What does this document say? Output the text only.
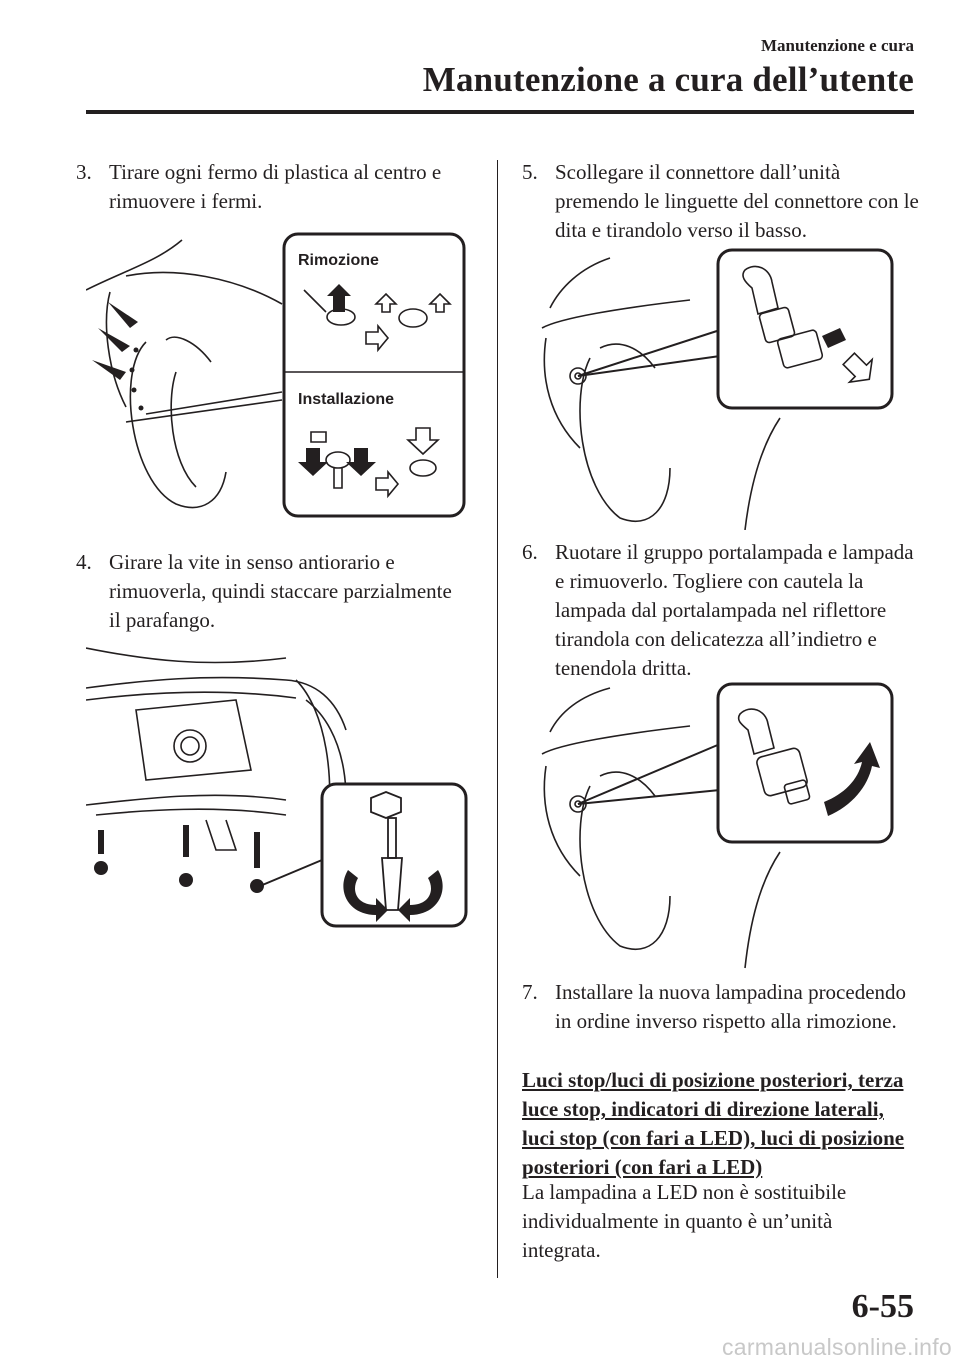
Manutenzione e cura
Manutenzione a cura dell’utente
3. Tirare ogni fermo di plastica al centro e rimuovere i fermi.
Rimozione
Installazione
4. Girare la vite in senso antiorario e rimuoverla, quindi staccare parzialmente il parafango.
5. Scollegare il connettore dall’unità premendo le linguette del connettore con le dita e tirandolo verso il basso.
6. Ruotare il gruppo portalampada e lampada e rimuoverlo. Togliere con cautela la lampada dal portalampada nel riflettore tirandola con delicatezza all’indietro e tenendola dritta.
7. Installare la nuova lampadina procedendo in ordine inverso rispetto alla rimozione.
Luci stop/luci di posizione posteriori, terza luce stop, indicatori di direzione laterali, luci stop (con fari a LED), luci di posizione posteriori (con fari a LED)
La lampadina a LED non è sostituibile individualmente in quanto è un’unità integrata.
6-55
carmanualsonline.info
